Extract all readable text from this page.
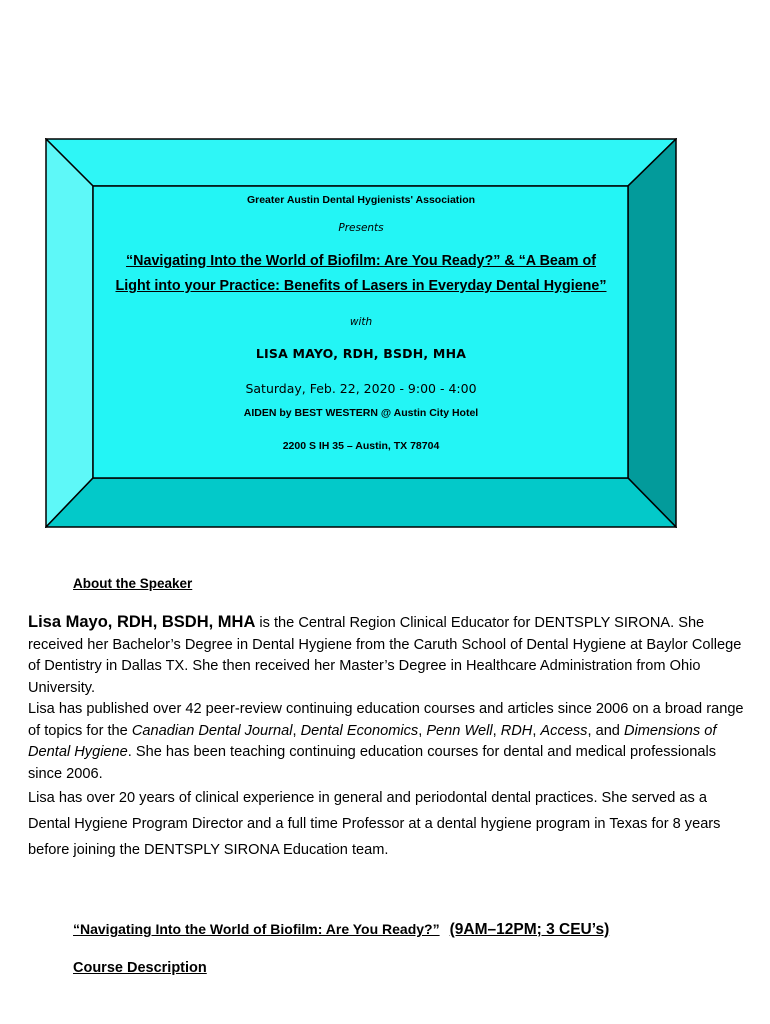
Greater Austin Dental Hygienists' Association
Presents
“Navigating Into the World of Biofilm: Are You Ready?” & “A Beam of
Light into your Practice: Benefits of Lasers in Everyday Dental Hygiene”
with
LISA MAYO, RDH, BSDH, MHA
Saturday, Feb. 22, 2020 - 9:00 - 4:00
AIDEN by BEST WESTERN @ Austin City Hotel
2200 S IH 35 – Austin, TX 78704
About the Speaker

Lisa Mayo, RDH, BSDH, MHA is the Central Region Clinical Educator for DENTSPLY SIRONA. She received her Bachelor’s Degree in Dental Hygiene from the Caruth School of Dental Hygiene at Baylor College of Dentistry in Dallas TX. She then received her Master’s Degree in Healthcare Administration from Ohio University.

Lisa has published over 42 peer-review continuing education courses and articles since 2006 on a broad range of topics for the Canadian Dental Journal, Dental Economics, Penn Well, RDH, Access, and Dimensions of Dental Hygiene. She has been teaching continuing education courses for dental and medical professionals since 2006.

Lisa has over 20 years of clinical experience in general and periodontal dental practices. She served as a Dental Hygiene Program Director and a full time Professor at a dental hygiene program in Texas for 8 years before joining the DENTSPLY SIRONA Education team.

“Navigating Into the World of Biofilm: Are You Ready?” (9AM–12PM; 3 CEU’s)
Course Description
